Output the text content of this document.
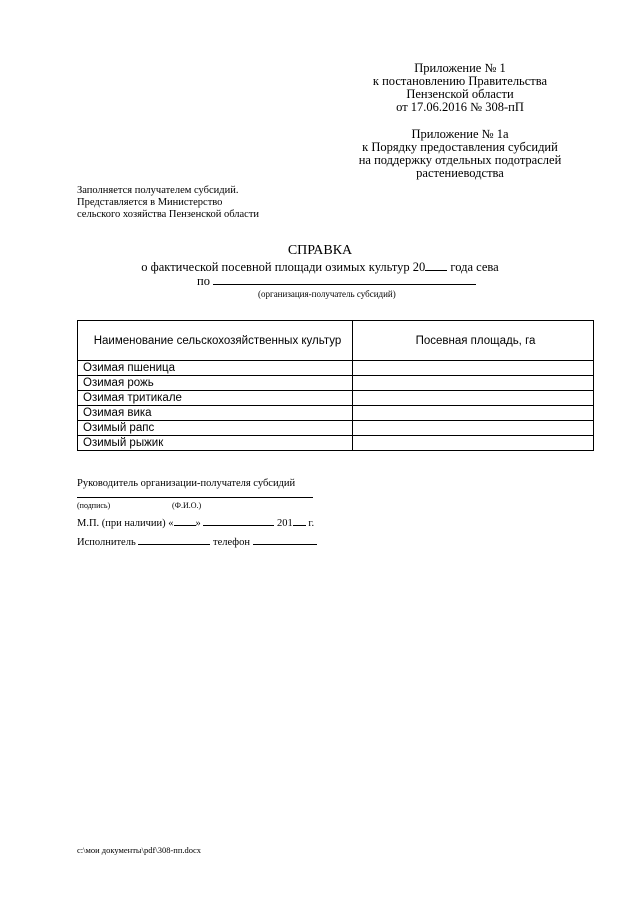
Приложение № 1
к постановлению Правительства
Пензенской области
от 17.06.2016 № 308-пП
Приложение № 1а
к Порядку предоставления субсидий
на поддержку отдельных подотраслей
растениеводства
Заполняется получателем субсидий.
Представляется в Министерство
сельского хозяйства Пензенской области
СПРАВКА
о фактической посевной площади озимых культур 20 года сева
по
(организация-получатель субсидий)
Наименование сельскохозяйственных культур	Посевная площадь, га
Озимая пшеница	
Озимая рожь	
Озимая тритикале	
Озимая вика	
Озимый рапс	
Озимый рыжик	
Руководитель организации-получателя субсидий
(подпись)	(Ф.И.О.)
М.П. (при наличии) « »	201 г.
Исполнитель	телефон
c:\мои документы\pdf\308-пп.docx
